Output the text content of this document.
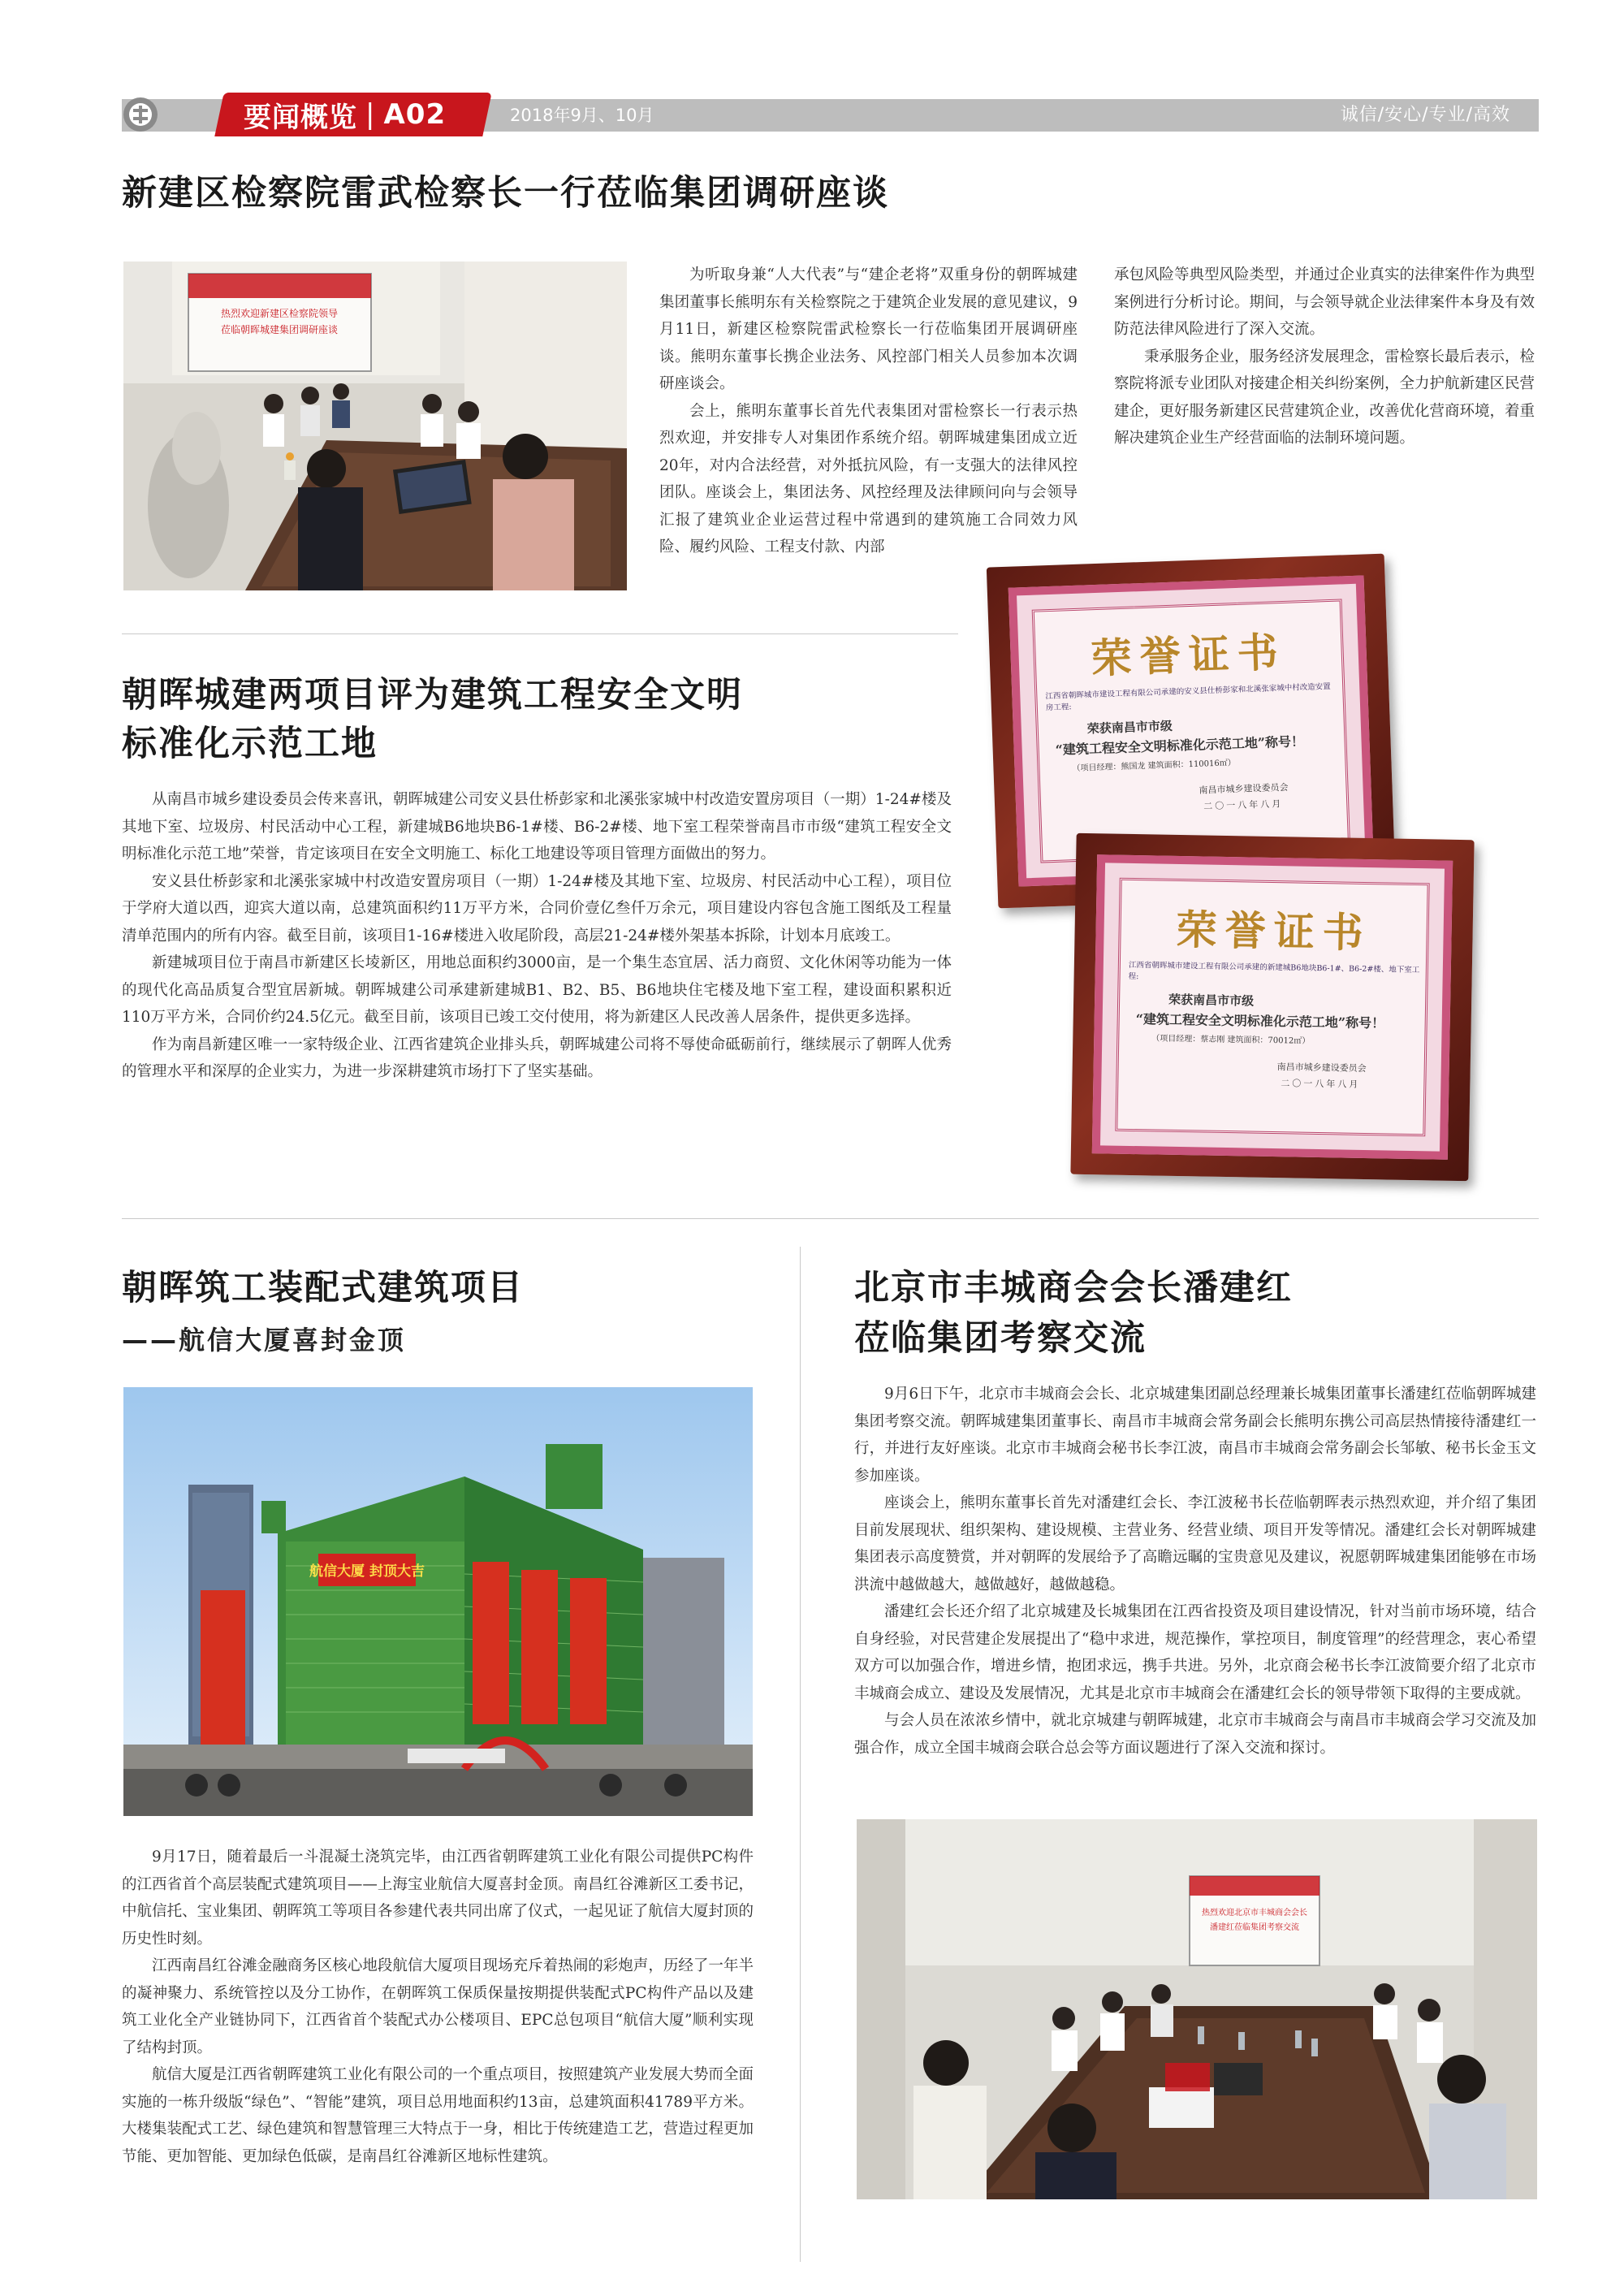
要闻概览 | A02	2018年9月、10月	诚信/安心/专业/高效
新建区检察院雷武检察长一行莅临集团调研座谈
热烈欢迎新建区检察院领导
莅临朝晖城建集团调研座谈

为听取身兼“人大代表”与“建企老将”双重身份的朝晖城建集团董事长熊明东有关检察院之于建筑企业发展的意见建议，9月11日，新建区检察院雷武检察长一行莅临集团开展调研座谈。熊明东董事长携企业法务、风控部门相关人员参加本次调研座谈会。

会上，熊明东董事长首先代表集团对雷检察长一行表示热烈欢迎，并安排专人对集团作系统介绍。朝晖城建集团成立近20年，对内合法经营，对外抵抗风险，有一支强大的法律风控团队。座谈会上，集团法务、风控经理及法律顾问向与会领导汇报了建筑业企业运营过程中常遇到的建筑施工合同效力风险、履约风险、工程支付款、内部

承包风险等典型风险类型，并通过企业真实的法律案件作为典型案例进行分析讨论。期间，与会领导就企业法律案件本身及有效防范法律风险进行了深入交流。

秉承服务企业，服务经济发展理念，雷检察长最后表示，检察院将派专业团队对接建企相关纠纷案例，全力护航新建区民营建企，更好服务新建区民营建筑企业，改善优化营商环境，着重解决建筑企业生产经营面临的法制环境问题。

朝晖城建两项目评为建筑工程安全文明
标准化示范工地

从南昌市城乡建设委员会传来喜讯，朝晖城建公司安义县仕桥彭家和北溪张家城中村改造安置房项目（一期）1-24#楼及其地下室、垃圾房、村民活动中心工程，新建城B6地块B6-1#楼、B6-2#楼、地下室工程荣誉南昌市市级“建筑工程安全文明标准化示范工地”荣誉，肯定该项目在安全文明施工、标化工地建设等项目管理方面做出的努力。

安义县仕桥彭家和北溪张家城中村改造安置房项目（一期）1-24#楼及其地下室、垃圾房、村民活动中心工程），项目位于学府大道以西，迎宾大道以南，总建筑面积约11万平方米，合同价壹亿叁仟万余元，项目建设内容包含施工图纸及工程量清单范围内的所有内容。截至目前，该项目1-16#楼进入收尾阶段，高层21-24#楼外架基本拆除，计划本月底竣工。

新建城项目位于南昌市新建区长堎新区，用地总面积约3000亩，是一个集生态宜居、活力商贸、文化休闲等功能为一体的现代化高品质复合型宜居新城。朝晖城建公司承建新建城B1、B2、B5、B6地块住宅楼及地下室工程，建设面积累积近110万平方米，合同价约24.5亿元。截至目前，该项目已竣工交付使用，将为新建区人民改善人居条件，提供更多选择。

作为南昌新建区唯一一家特级企业、江西省建筑企业排头兵，朝晖城建公司将不辱使命砥砺前行，继续展示了朝晖人优秀的管理水平和深厚的企业实力，为进一步深耕建筑市场打下了坚实基础。

荣誉证书
江西省朝晖城市建设工程有限公司承建的安义县仕桥彭家和北溪张家城中村改造安置房工程:
荣获南昌市市级
“建筑工程安全文明标准化示范工地”称号！
（项目经理：熊国龙 建筑面积：110016㎡）
南昌市城乡建设委员会
二〇一八年八月
荣誉证书
江西省朝晖城市建设工程有限公司承建的新建城B6地块B6-1#、B6-2#楼、地下室工程:
荣获南昌市市级
“建筑工程安全文明标准化示范工地”称号！
（项目经理：蔡志刚 建筑面积：70012㎡）
南昌市城乡建设委员会
二〇一八年八月
朝晖筑工装配式建筑项目
——航信大厦喜封金顶
航信大厦 封顶大吉

9月17日，随着最后一斗混凝土浇筑完毕，由江西省朝晖建筑工业化有限公司提供PC构件的江西省首个高层装配式建筑项目——上海宝业航信大厦喜封金顶。南昌红谷滩新区工委书记，中航信托、宝业集团、朝晖筑工等项目各参建代表共同出席了仪式，一起见证了航信大厦封顶的历史性时刻。

江西南昌红谷滩金融商务区核心地段航信大厦项目现场充斥着热闹的彩炮声，历经了一年半的凝神聚力、系统管控以及分工协作，在朝晖筑工保质保量按期提供装配式PC构件产品以及建筑工业化全产业链协同下，江西省首个装配式办公楼项目、EPC总包项目“航信大厦”顺利实现了结构封顶。

航信大厦是江西省朝晖建筑工业化有限公司的一个重点项目，按照建筑产业发展大势而全面实施的一栋升级版“绿色”、“智能”建筑，项目总用地面积约13亩，总建筑面积41789平方米。大楼集装配式工艺、绿色建筑和智慧管理三大特点于一身，相比于传统建造工艺，营造过程更加节能、更加智能、更加绿色低碳，是南昌红谷滩新区地标性建筑。

北京市丰城商会会长潘建红
莅临集团考察交流

9月6日下午，北京市丰城商会会长、北京城建集团副总经理兼长城集团董事长潘建红莅临朝晖城建集团考察交流。朝晖城建集团董事长、南昌市丰城商会常务副会长熊明东携公司高层热情接待潘建红一行，并进行友好座谈。北京市丰城商会秘书长李江波，南昌市丰城商会常务副会长邹敏、秘书长金玉文参加座谈。

座谈会上，熊明东董事长首先对潘建红会长、李江波秘书长莅临朝晖表示热烈欢迎，并介绍了集团目前发展现状、组织架构、建设规模、主营业务、经营业绩、项目开发等情况。潘建红会长对朝晖城建集团表示高度赞赏，并对朝晖的发展给予了高瞻远瞩的宝贵意见及建议，祝愿朝晖城建集团能够在市场洪流中越做越大，越做越好，越做越稳。

潘建红会长还介绍了北京城建及长城集团在江西省投资及项目建设情况，针对当前市场环境，结合自身经验，对民营建企发展提出了“稳中求进，规范操作，掌控项目，制度管理”的经营理念，衷心希望双方可以加强合作，增进乡情，抱团求远，携手共进。另外，北京商会秘书长李江波简要介绍了北京市丰城商会成立、建设及发展情况，尤其是北京市丰城商会在潘建红会长的领导带领下取得的主要成就。

与会人员在浓浓乡情中，就北京城建与朝晖城建，北京市丰城商会与南昌市丰城商会学习交流及加强合作，成立全国丰城商会联合总会等方面议题进行了深入交流和探讨。

热烈欢迎北京市丰城商会会长
潘建红莅临集团考察交流
